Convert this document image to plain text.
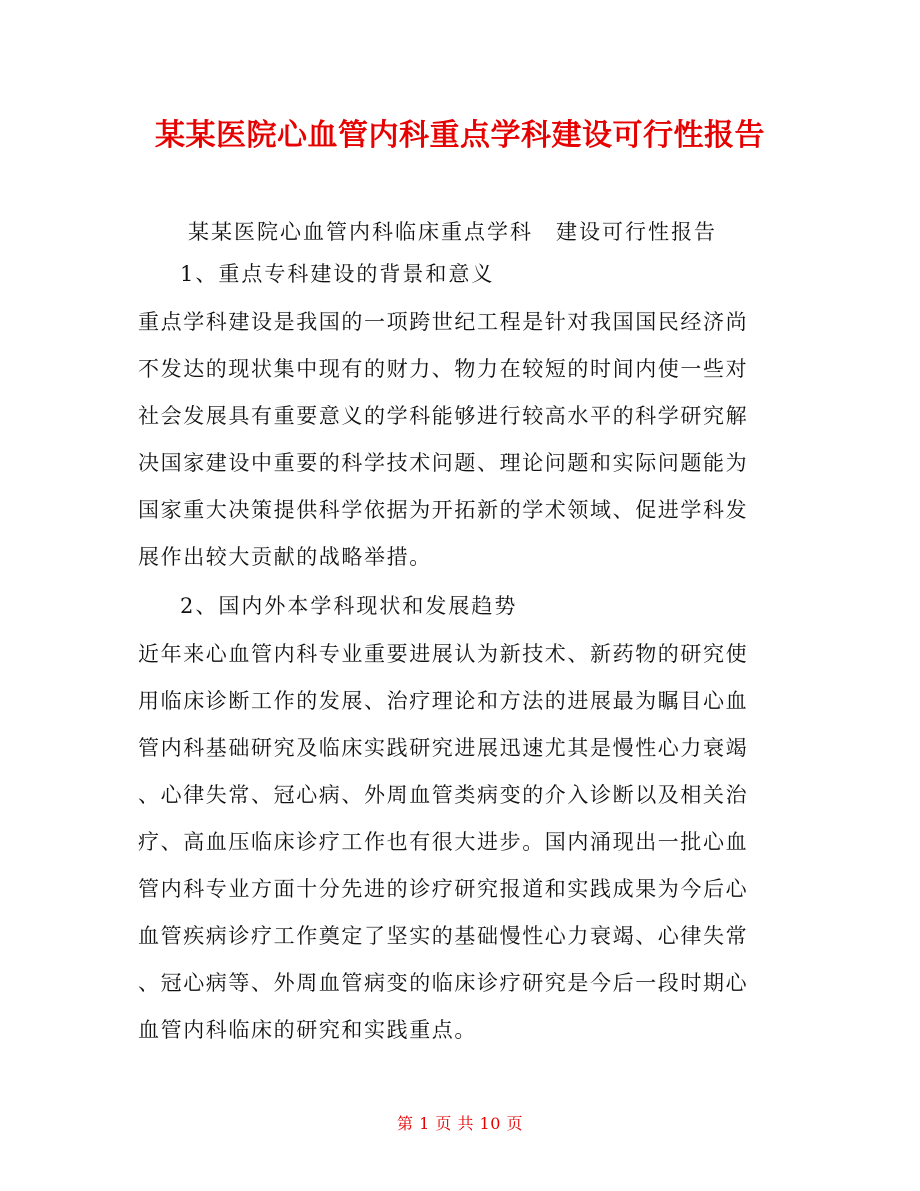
某某医院心血管内科重点学科建设可行性报告

某某医院心血管内科临床重点学科　建设可行性报告

1、重点专科建设的背景和意义

重点学科建设是我国的一项跨世纪工程是针对我国国民经济尚
不发达的现状集中现有的财力、物力在较短的时间内使一些对
社会发展具有重要意义的学科能够进行较高水平的科学研究解
决国家建设中重要的科学技术问题、理论问题和实际问题能为
国家重大决策提供科学依据为开拓新的学术领域、促进学科发
展作出较大贡献的战略举措。

2、国内外本学科现状和发展趋势

近年来心血管内科专业重要进展认为新技术、新药物的研究使
用临床诊断工作的发展、治疗理论和方法的进展最为瞩目心血
管内科基础研究及临床实践研究进展迅速尤其是慢性心力衰竭
、心律失常、冠心病、外周血管类病变的介入诊断以及相关治
疗、高血压临床诊疗工作也有很大进步。国内涌现出一批心血
管内科专业方面十分先进的诊疗研究报道和实践成果为今后心
血管疾病诊疗工作奠定了坚实的基础慢性心力衰竭、心律失常
、冠心病等、外周血管病变的临床诊疗研究是今后一段时期心
血管内科临床的研究和实践重点。
第 1 页 共 10 页
